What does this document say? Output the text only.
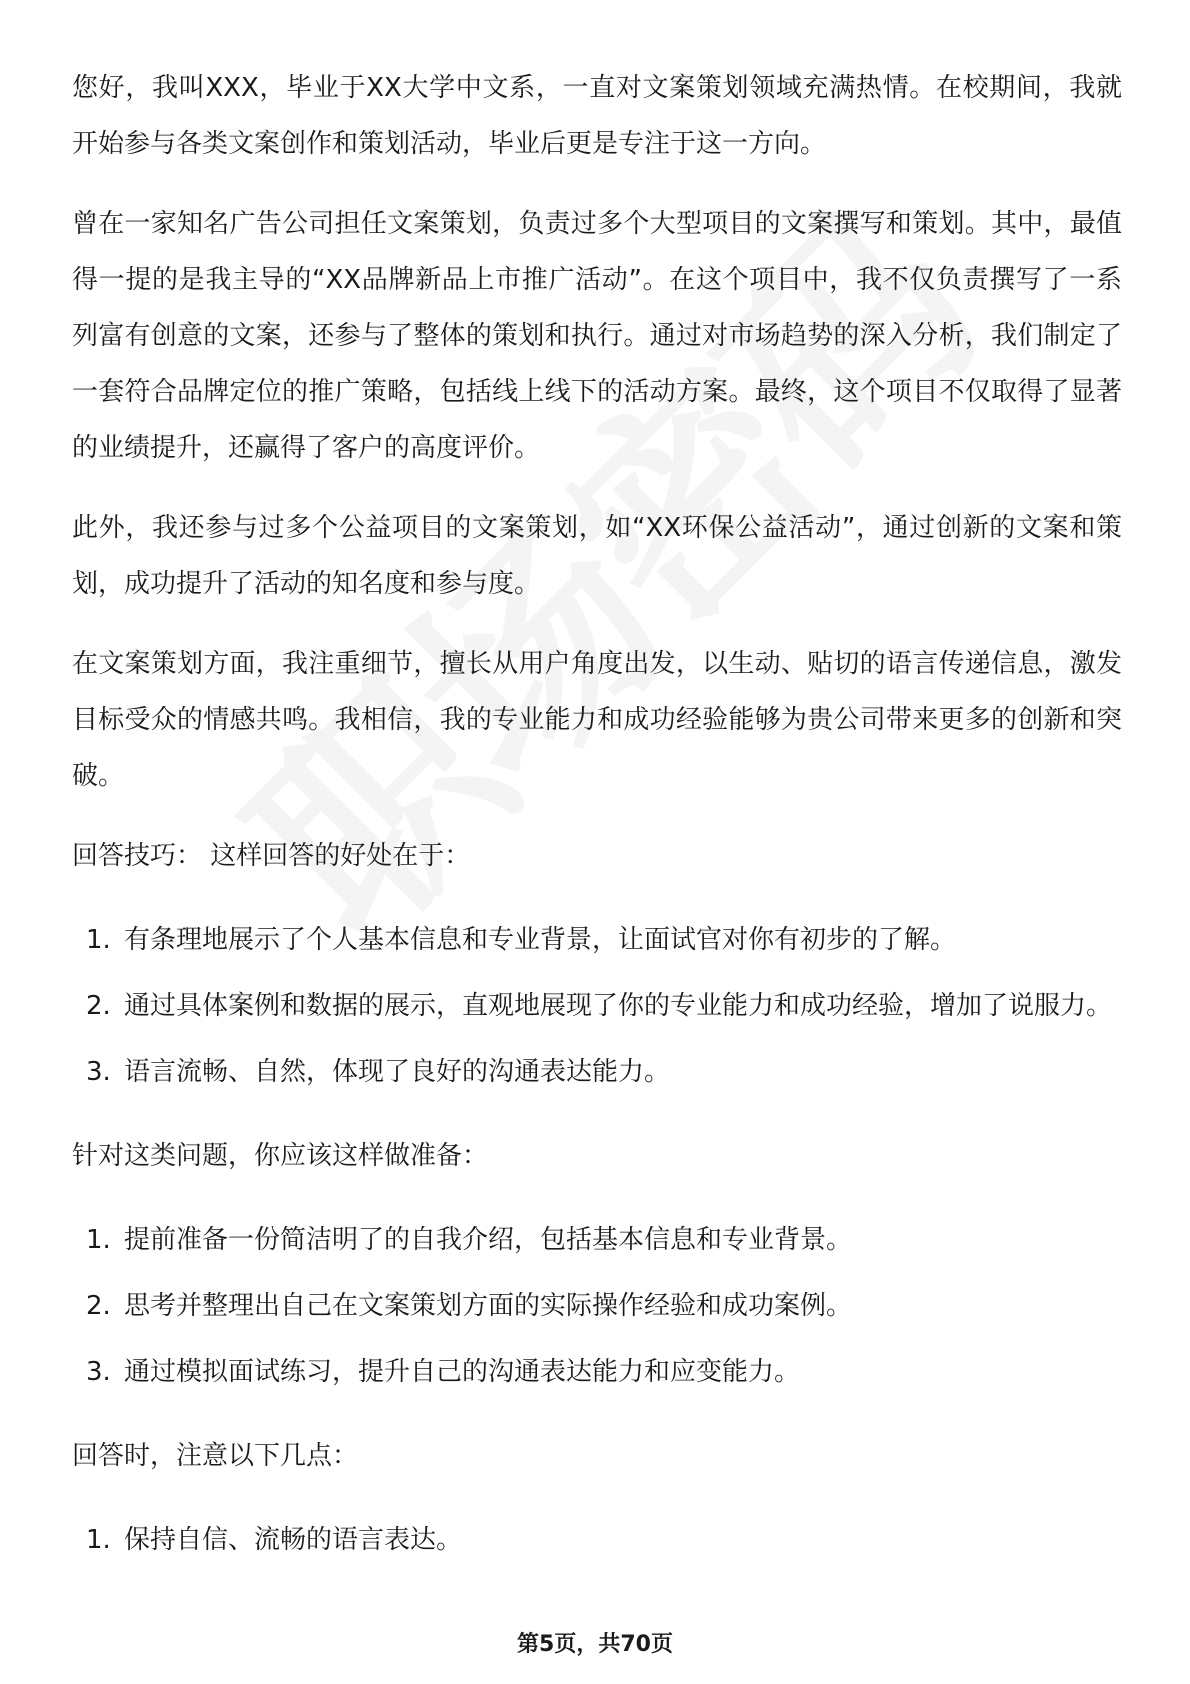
您好，我叫XXX，毕业于XX大学中文系，一直对文案策划领域充满热情。在校期间，我就开始参与各类文案创作和策划活动，毕业后更是专注于这一方向。

曾在一家知名广告公司担任文案策划，负责过多个大型项目的文案撰写和策划。其中，最值得一提的是我主导的“XX品牌新品上市推广活动”。在这个项目中，我不仅负责撰写了一系列富有创意的文案，还参与了整体的策划和执行。通过对市场趋势的深入分析，我们制定了一套符合品牌定位的推广策略，包括线上线下的活动方案。最终，这个项目不仅取得了显著的业绩提升，还赢得了客户的高度评价。

此外，我还参与过多个公益项目的文案策划，如“XX环保公益活动”，通过创新的文案和策划，成功提升了活动的知名度和参与度。

在文案策划方面，我注重细节，擅长从用户角度出发，以生动、贴切的语言传递信息，激发目标受众的情感共鸣。我相信，我的专业能力和成功经验能够为贵公司带来更多的创新和突破。

回答技巧： 这样回答的好处在于：
1. 有条理地展示了个人基本信息和专业背景，让面试官对你有初步的了解。
2. 通过具体案例和数据的展示，直观地展现了你的专业能力和成功经验，增加了说服力。
3. 语言流畅、自然，体现了良好的沟通表达能力。
针对这类问题，你应该这样做准备：
1. 提前准备一份简洁明了的自我介绍，包括基本信息和专业背景。
2. 思考并整理出自己在文案策划方面的实际操作经验和成功案例。
3. 通过模拟面试练习，提升自己的沟通表达能力和应变能力。
回答时，注意以下几点：
1. 保持自信、流畅的语言表达。
第5页，共70页
